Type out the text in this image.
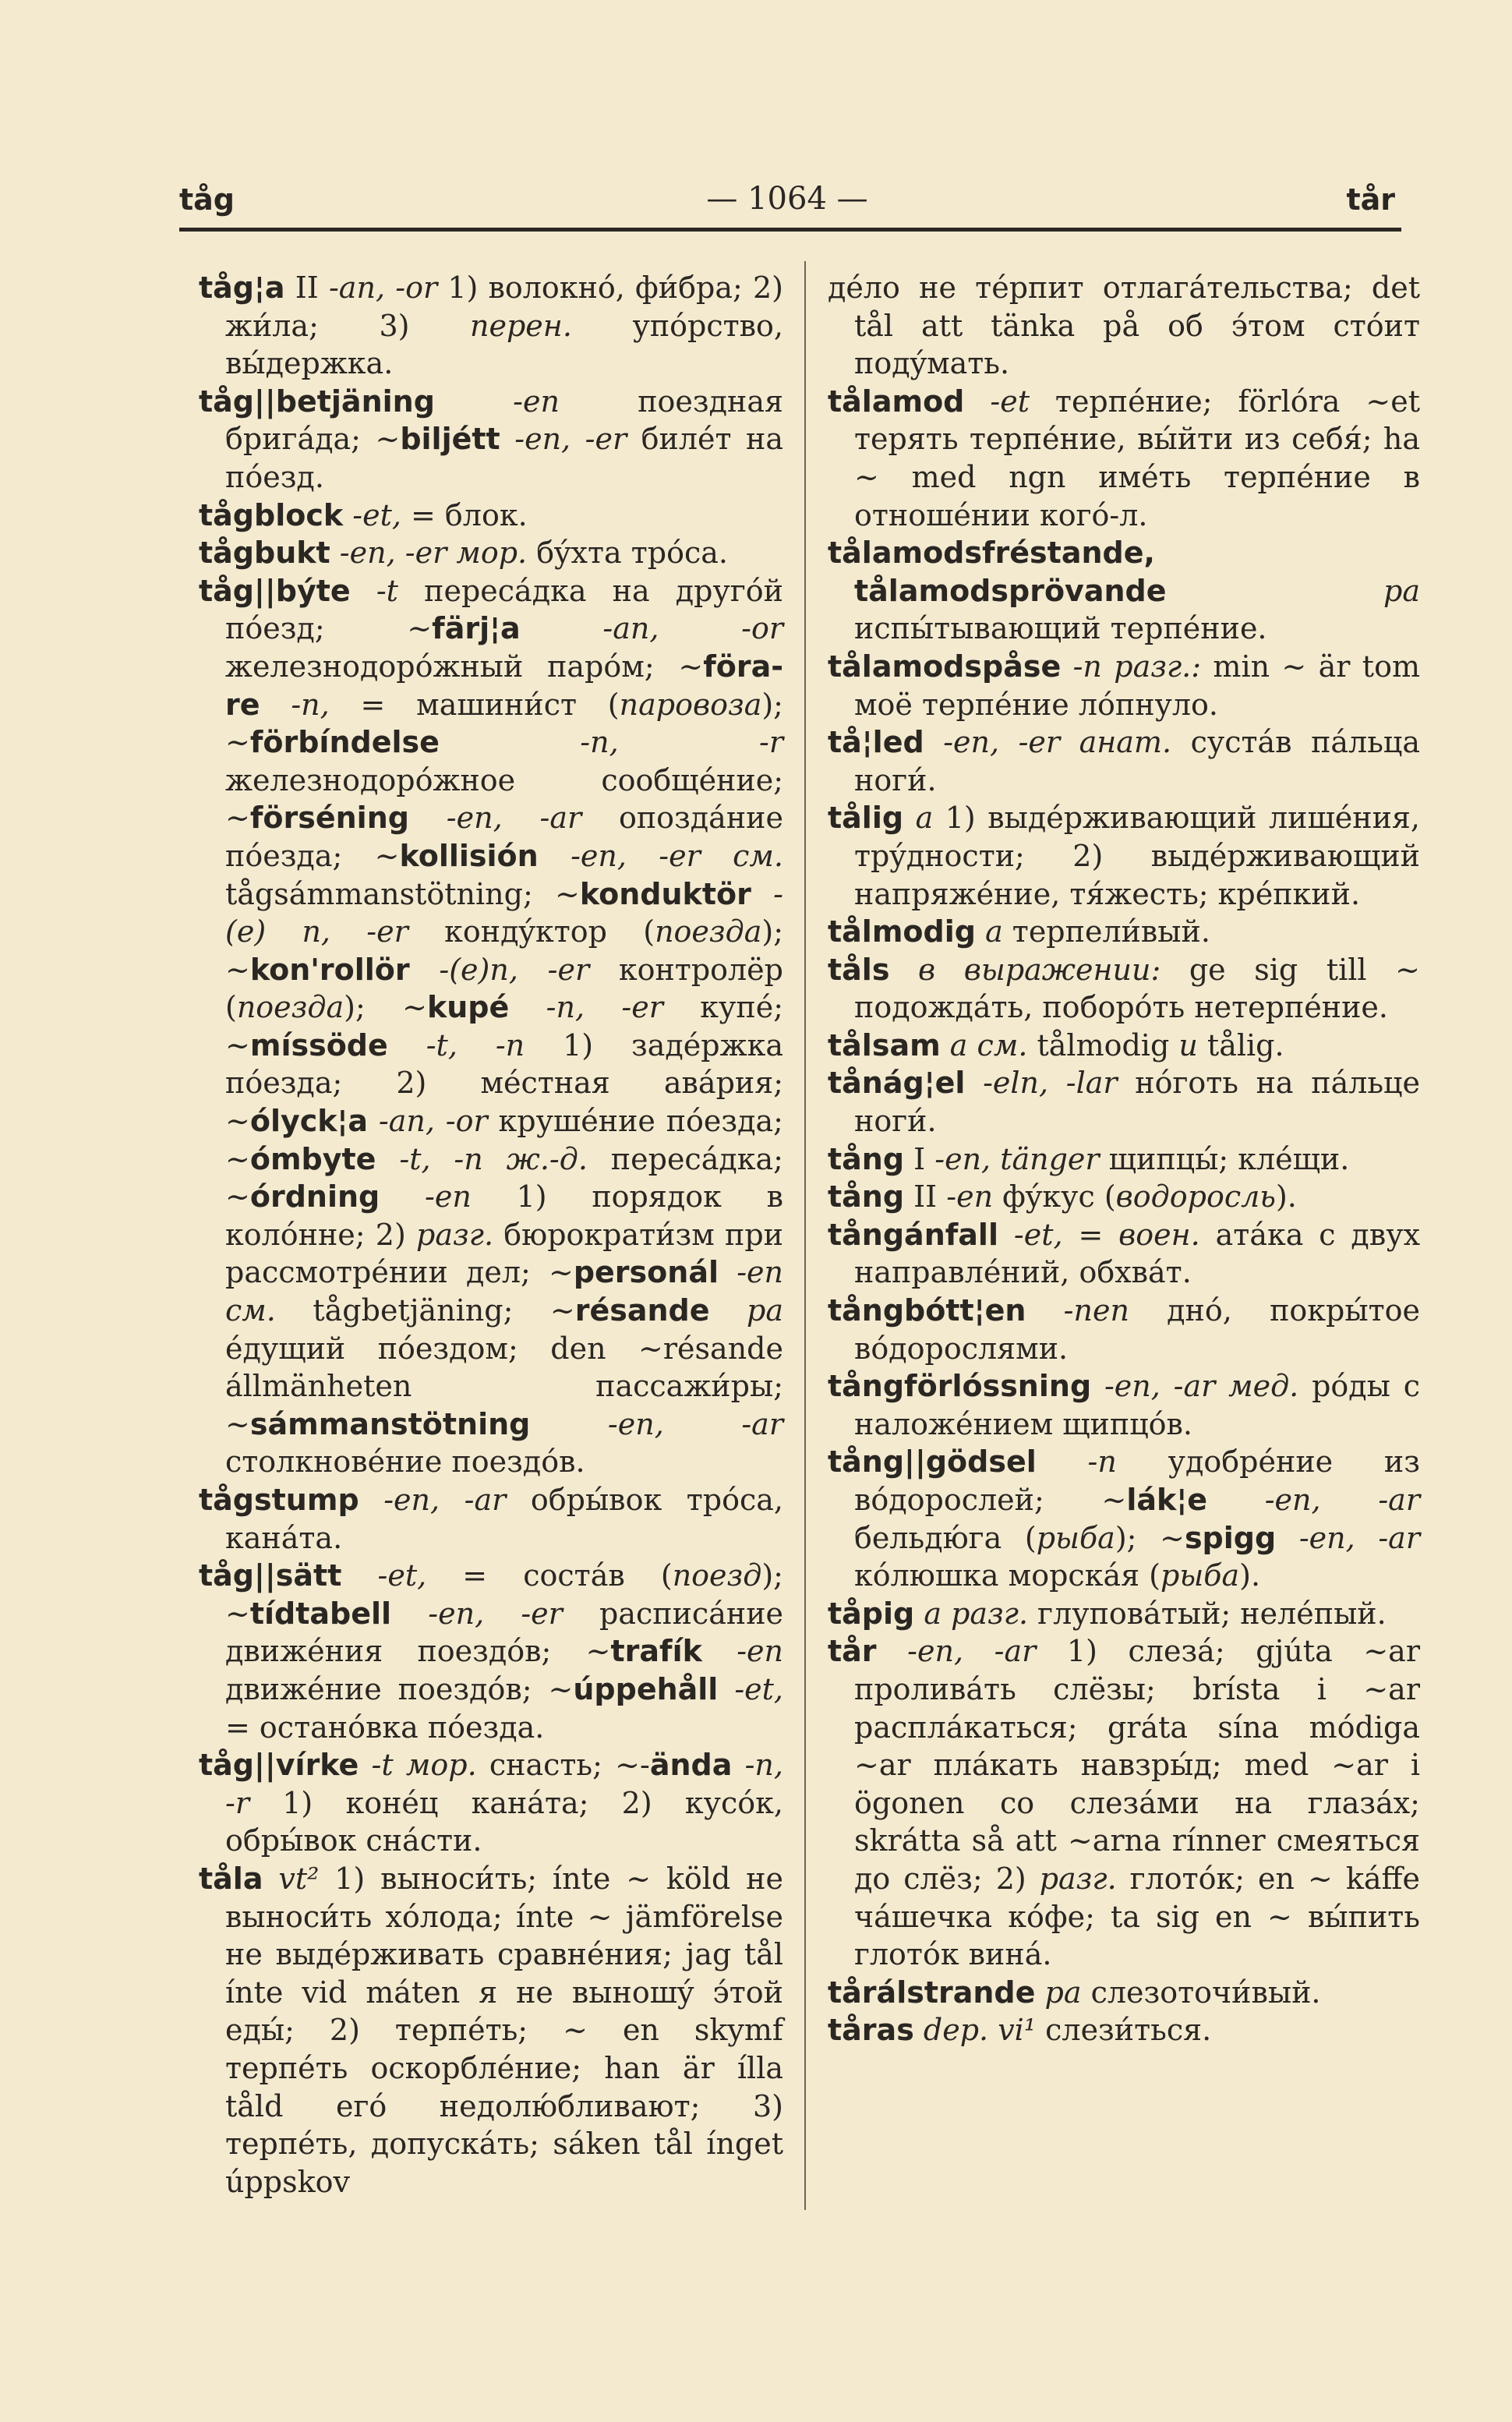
tåg	— 1064 —	tår

tåg¦a II -an, -or 1) волокнó, фи́бра; 2) жи́ла; 3) перен. упóрство, вы́держка.

tåg||betjäning	-en поездная бригáда; ~biljétt -en, -er билéт на пóезд.

tågblock -et, = блок.

tågbukt -en, -er мор. бýхта трóса.

tåg||býte -t пересáдка на другóй пóезд; ~färj¦a	-an, -or железнодорóжный парóм; ~föra-re -n, = машини́ст (паровоза); ~förbíndelse	-n, -r железнодорóжное сообщéние; ~förséning -en, -ar опоздáние пóезда; ~kollisión -en, -er см. tågsámmanstötning; ~konduktör -(e) n, -er кондýктор (поезда); ~kon'rollör -(e)n, -er контролёр (поезда); ~kupé -n, -er купé; ~míssöde -t, -n 1) задéржка пóезда; 2) мéстная авáрия; ~ólyck¦a -an, -or крушéние пóезда; ~ómbyte -t, -n ж.-д. пересáдка; ~órdning -en 1) порядок в колóнне; 2) разг. бюрократи́зм при рассмотрéнии дел; ~personál -en см. tågbetjäning; ~résande pa éдущий пóездом; den ~résande állmänheten пассажи́ры; ~sámmanstötning	-en, -ar столкновéние поездóв.

tågstump -en, -ar обры́вок трóса, канáта.

tåg||sätt -et, = состáв (поезд); ~tídtabell -en, -er расписáние движéния поездóв; ~trafík -en движéние поездóв; ~úppehåll -et, = останóвка пóезда.

tåg||vírke -t мор. снасть; ~-ända -n, -r 1) конéц канáта; 2) кусóк, обры́вок снáсти.

tåla vt² 1) выноси́ть; ínte ~ köld не выноси́ть хóлода; ínte ~ jämförelse не выдéрживать сравнéния; jag tål ínte vid máten я не выношý э́той еды́; 2) терпéть; ~ en skymf терпéть оскорблéние; han är ílla tåld егó недолю́бливают; 3) терпéть, допускáть; sáken tål ínget úppskov

дéло не тéрпит отлагáтельства; det tål att tänka på об э́том стóит подýмать.

tålamod -et терпéние; förlóra ~et терять терпéние, вы́йти из себя́; ha ~ med ngn имéть терпéние в отношéнии когó-л.

tålamodsfréstande, tålamodsprövande	pa испы́тывающий терпéние.

tålamodspåse -n разг.: min ~ är tom моё терпéние лóпнуло.

tå¦led -en, -er анат. сустáв пáльца ноги́.

tålig a 1) выдéрживающий лишéния, трýдности; 2) выдéрживающий напряжéние, тя́жесть; крéпкий.

tålmodig a терпели́вый.

tåls в выражении: ge sig till ~ подождáть, поборóть нетерпéние.

tålsam a см. tålmodig и tålig.

tånág¦el -eln, -lar нóготь на пáльце ноги́.

tång I -en, tänger щипцы́; клéщи.

tång II -en фýкус (водоросль).

tångánfall -et, = воен. атáка с двух направлéний, обхвáт.

tångbótt¦en -nen днó, покры́тое вóдорослями.

tångförlóssning -en, -ar мед. рóды с наложéнием щипцóв.

tång||gödsel -n удобрéние из вóдорослей; ~lák¦e -en, -ar бельдю́га (рыба); ~spigg -en, -ar кóлюшка морскáя (рыба).

tåpig a разг. глуповáтый; нелéпый.

tår -en, -ar 1) слезá; gjúta ~ar проливáть слёзы; brísta i ~ar расплáкаться; gráta sína módiga ~ar плáкать навзры́д; med ~ar i ögonen со слезáми на глазáх; skrátta så att ~arna rínner смеяться до слёз; 2) разг. глотóк; en ~ káffe чáшечка кóфе; ta sig en ~ вы́пить глотóк винá.

tårálstrande pa слезоточи́вый.

tåras dep. vi¹ слези́ться.
